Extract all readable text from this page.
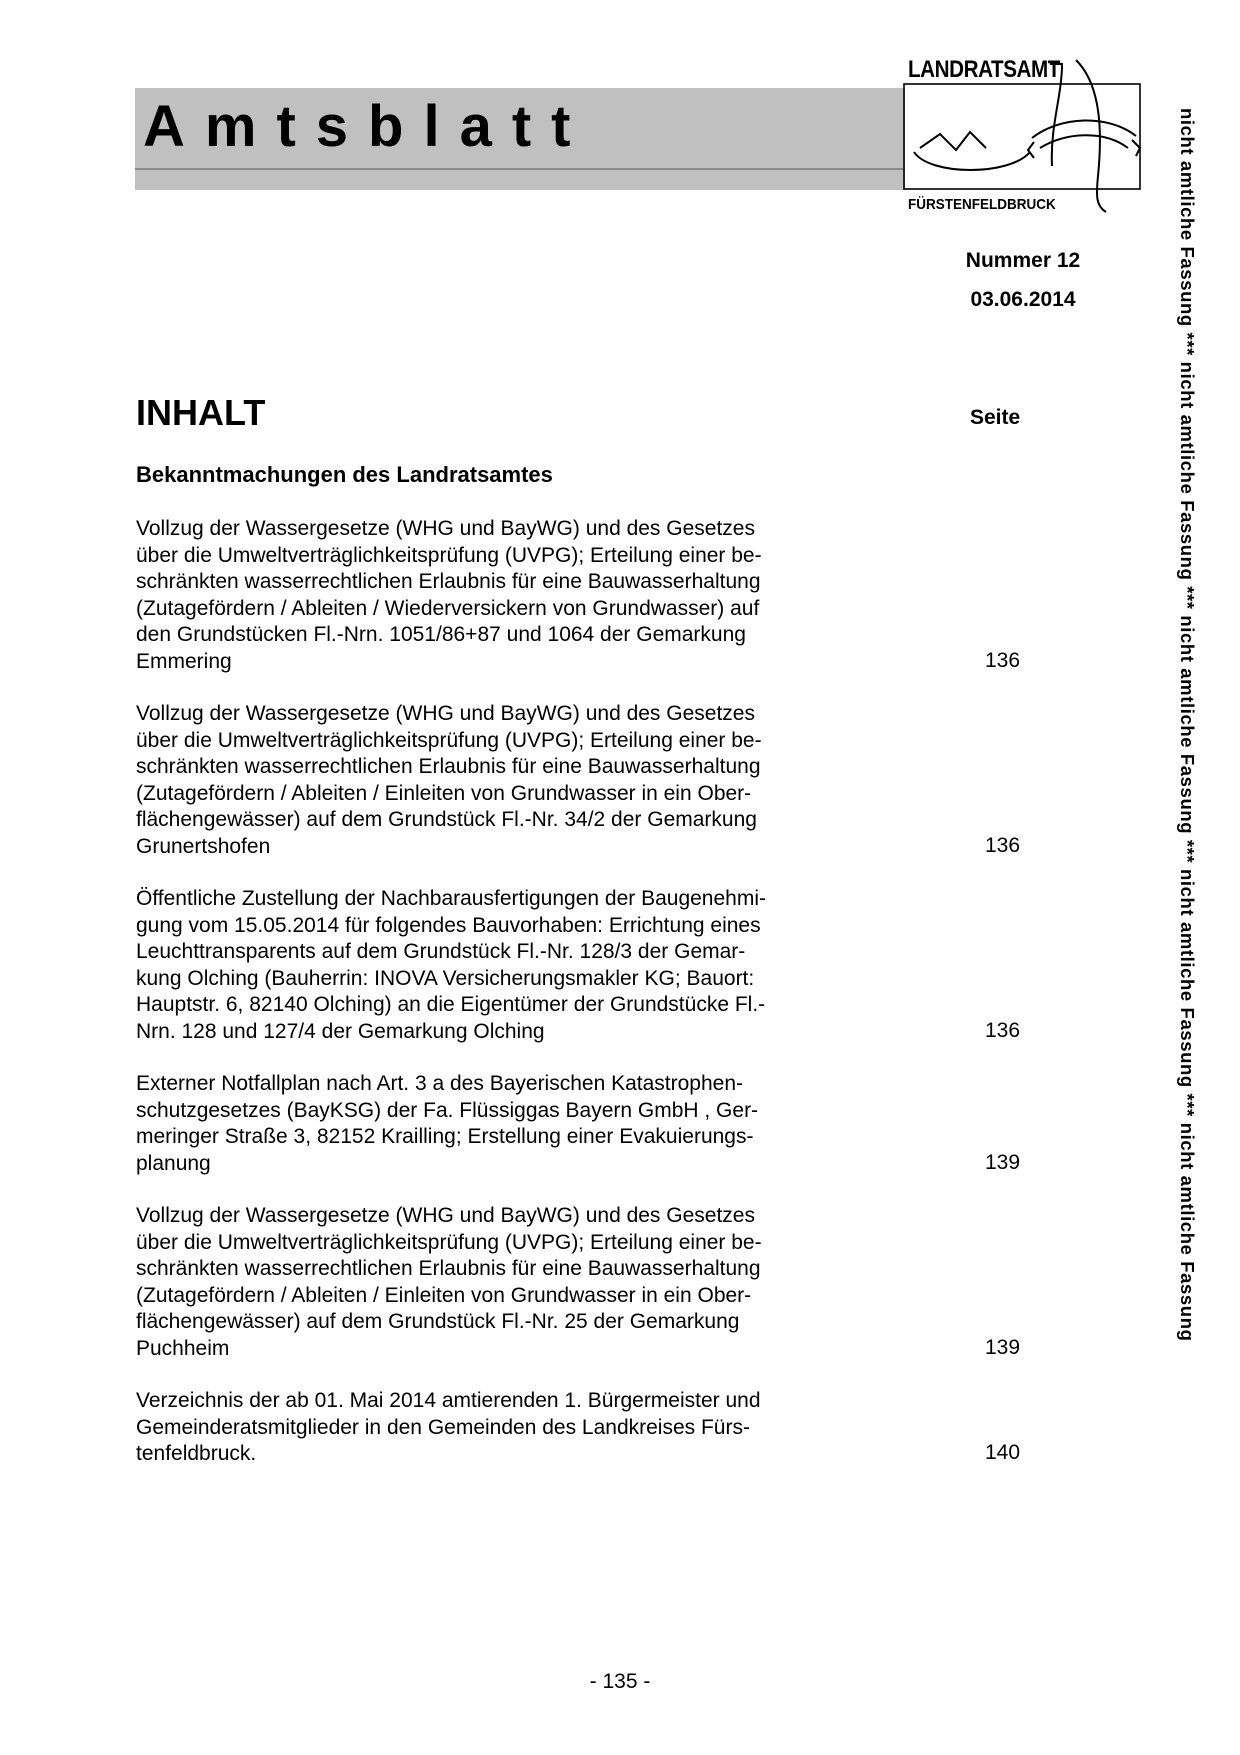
Amtsblatt
LANDRATSAMT
FÜRSTENFELDBRUCK
Nummer 12
03.06.2014
INHALT	Seite
Bekanntmachungen des Landratsamtes
Vollzug der Wassergesetze (WHG und BayWG) und des Gesetzes
über die Umweltverträglichkeitsprüfung (UVPG); Erteilung einer be-
schränkten wasserrechtlichen Erlaubnis für eine Bauwasserhaltung
(Zutagefördern / Ableiten / Wiederversickern von Grundwasser) auf
den Grundstücken Fl.-Nrn. 1051/86+87 und 1064 der Gemarkung
Emmering	136
Vollzug der Wassergesetze (WHG und BayWG) und des Gesetzes
über die Umweltverträglichkeitsprüfung (UVPG); Erteilung einer be-
schränkten wasserrechtlichen Erlaubnis für eine Bauwasserhaltung
(Zutagefördern / Ableiten / Einleiten von Grundwasser in ein Ober-
flächengewässer) auf dem Grundstück Fl.-Nr. 34/2 der Gemarkung
Grunertshofen	136
Öffentliche Zustellung der Nachbarausfertigungen der Baugenehmi-
gung vom 15.05.2014 für folgendes Bauvorhaben: Errichtung eines
Leuchttransparents auf dem Grundstück Fl.-Nr. 128/3 der Gemar-
kung Olching (Bauherrin: INOVA Versicherungsmakler KG; Bauort:
Hauptstr. 6, 82140 Olching) an die Eigentümer der Grundstücke Fl.-
Nrn. 128 und 127/4 der Gemarkung Olching	136
Externer Notfallplan nach Art. 3 a des Bayerischen Katastrophen-
schutzgesetzes (BayKSG) der Fa. Flüssiggas Bayern GmbH , Ger-
meringer Straße 3, 82152 Krailling; Erstellung einer Evakuierungs-
planung	139
Vollzug der Wassergesetze (WHG und BayWG) und des Gesetzes
über die Umweltverträglichkeitsprüfung (UVPG); Erteilung einer be-
schränkten wasserrechtlichen Erlaubnis für eine Bauwasserhaltung
(Zutagefördern / Ableiten / Einleiten von Grundwasser in ein Ober-
flächengewässer) auf dem Grundstück Fl.-Nr. 25 der Gemarkung
Puchheim	139
Verzeichnis der ab 01. Mai 2014 amtierenden 1. Bürgermeister und
Gemeinderatsmitglieder in den Gemeinden des Landkreises Fürs-
tenfeldbruck.	140
nicht amtliche Fassung *** nicht amtliche Fassung *** nicht amtliche Fassung *** nicht amtliche Fassung *** nicht amtliche Fassung
- 135 -
